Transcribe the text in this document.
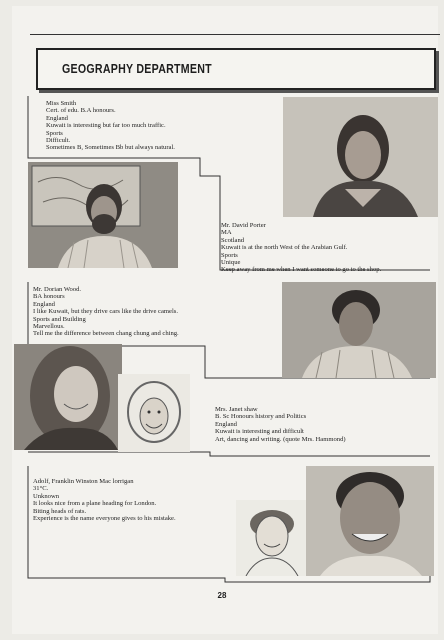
GEOGRAPHY DEPARTMENT
Miss Smith
Cert. of edu. B.A honours.
England
Kuwait is interesting but far too much traffic.
Sports
Difficult.
Sometimes B, Sometimes Bb but always natural.
Mr. David Porter
MA
Scotland
Kuwait is at the north West of the Arabian Gulf.
Sports
Unique
Keep away from me when I want someone to go to the shop.
Mr. Dorian Wood.
BA honours
England
I like Kuwait, but they drive cars like the drive camels.
Sports and Building
Marvellous.
Tell me the difference between chang chung and ching.
Mrs. Janet shaw
B. Sc Honours history and Politics
England
Kuwait is interesting and difficult
Art, dancing and writing. (quote Mrs. Hammond)
Adolf, Franklin Winston Mac lorrigan
31°C.
Unknown
It looks nice from a plane heading for London.
Biting heads of rats.
Experience is the name everyone gives to his mistake.
28
